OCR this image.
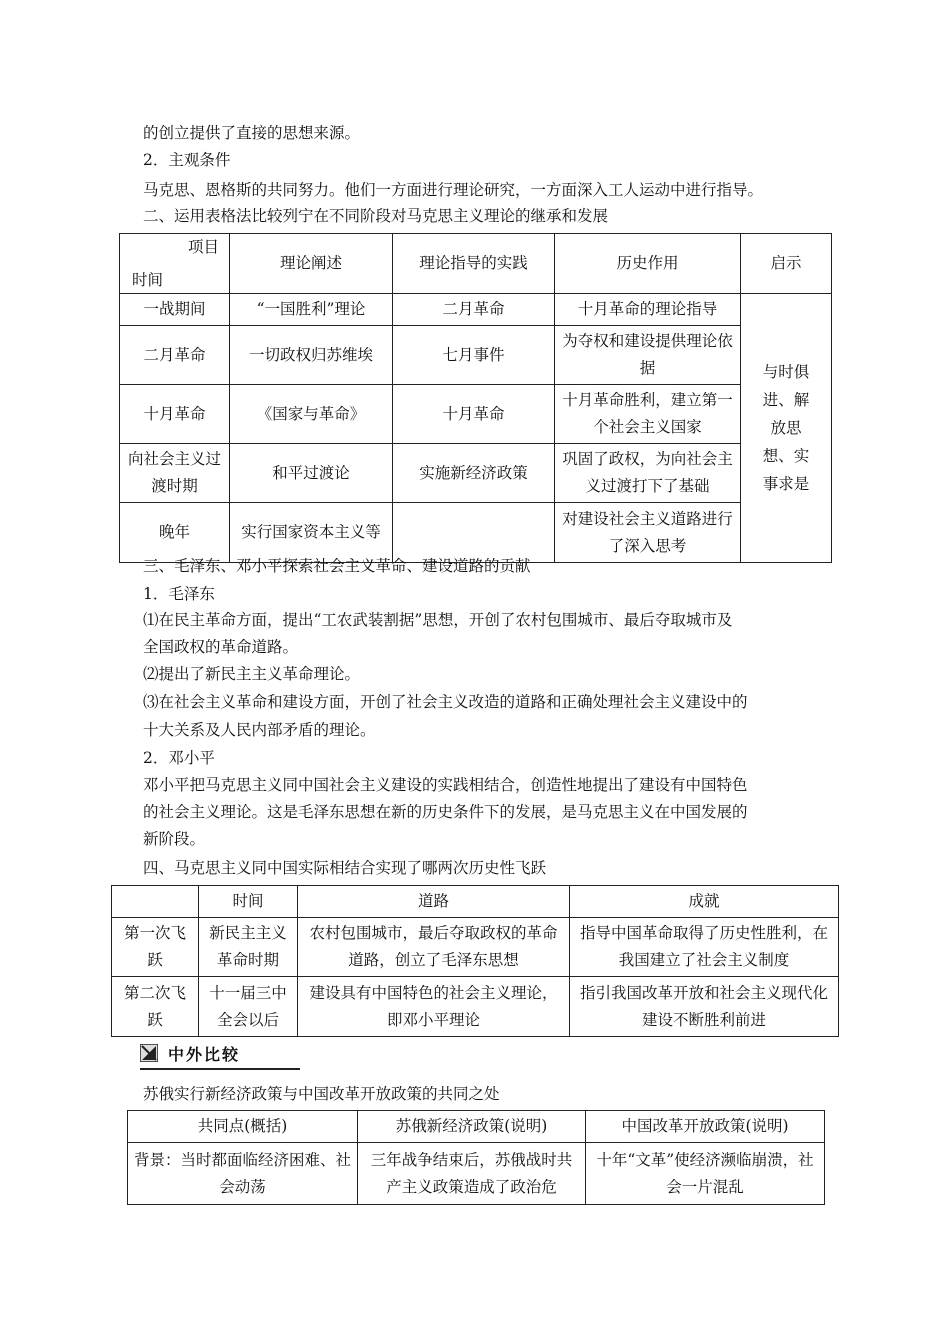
的创立提供了直接的思想来源。
2．主观条件
马克思、恩格斯的共同努力。他们一方面进行理论研究，一方面深入工人运动中进行指导。
二、运用表格法比较列宁在不同阶段对马克思主义理论的继承和发展
项目
时间	理论阐述	理论指导的实践	历史作用	启示
一战期间	“一国胜利”理论	二月革命	十月革命的理论指导	与时俱进、解放思想、实事求是
二月革命	一切政权归苏维埃	七月事件	为夺权和建设提供理论依据	
十月革命	《国家与革命》	十月革命	十月革命胜利，建立第一个社会主义国家	
向社会主义过渡时期	和平过渡论	实施新经济政策	巩固了政权，为向社会主义过渡打下了基础	
晚年	实行国家资本主义等		对建设社会主义道路进行了深入思考	
三、毛泽东、邓小平探索社会主义革命、建设道路的贡献
1．毛泽东
⑴在民主革命方面，提出“工农武装割据”思想，开创了农村包围城市、最后夺取城市及
全国政权的革命道路。
⑵提出了新民主主义革命理论。
⑶在社会主义革命和建设方面，开创了社会主义改造的道路和正确处理社会主义建设中的
十大关系及人民内部矛盾的理论。
2．邓小平
邓小平把马克思主义同中国社会主义建设的实践相结合，创造性地提出了建设有中国特色
的社会主义理论。这是毛泽东思想在新的历史条件下的发展，是马克思主义在中国发展的
新阶段。
四、马克思主义同中国实际相结合实现了哪两次历史性飞跃
	时间	道路	成就
第一次飞跃	新民主主义革命时期	农村包围城市，最后夺取政权的革命道路，创立了毛泽东思想	指导中国革命取得了历史性胜利，在我国建立了社会主义制度
第二次飞跃	十一届三中全会以后	建设具有中国特色的社会主义理论，即邓小平理论	指引我国改革开放和社会主义现代化建设不断胜利前进
中外比较
苏俄实行新经济政策与中国改革开放政策的共同之处
共同点(概括)	苏俄新经济政策(说明)	中国改革开放政策(说明)
背景：当时都面临经济困难、社会动荡	三年战争结束后，苏俄战时共产主义政策造成了政治危	十年“文革”使经济濒临崩溃，社会一片混乱
